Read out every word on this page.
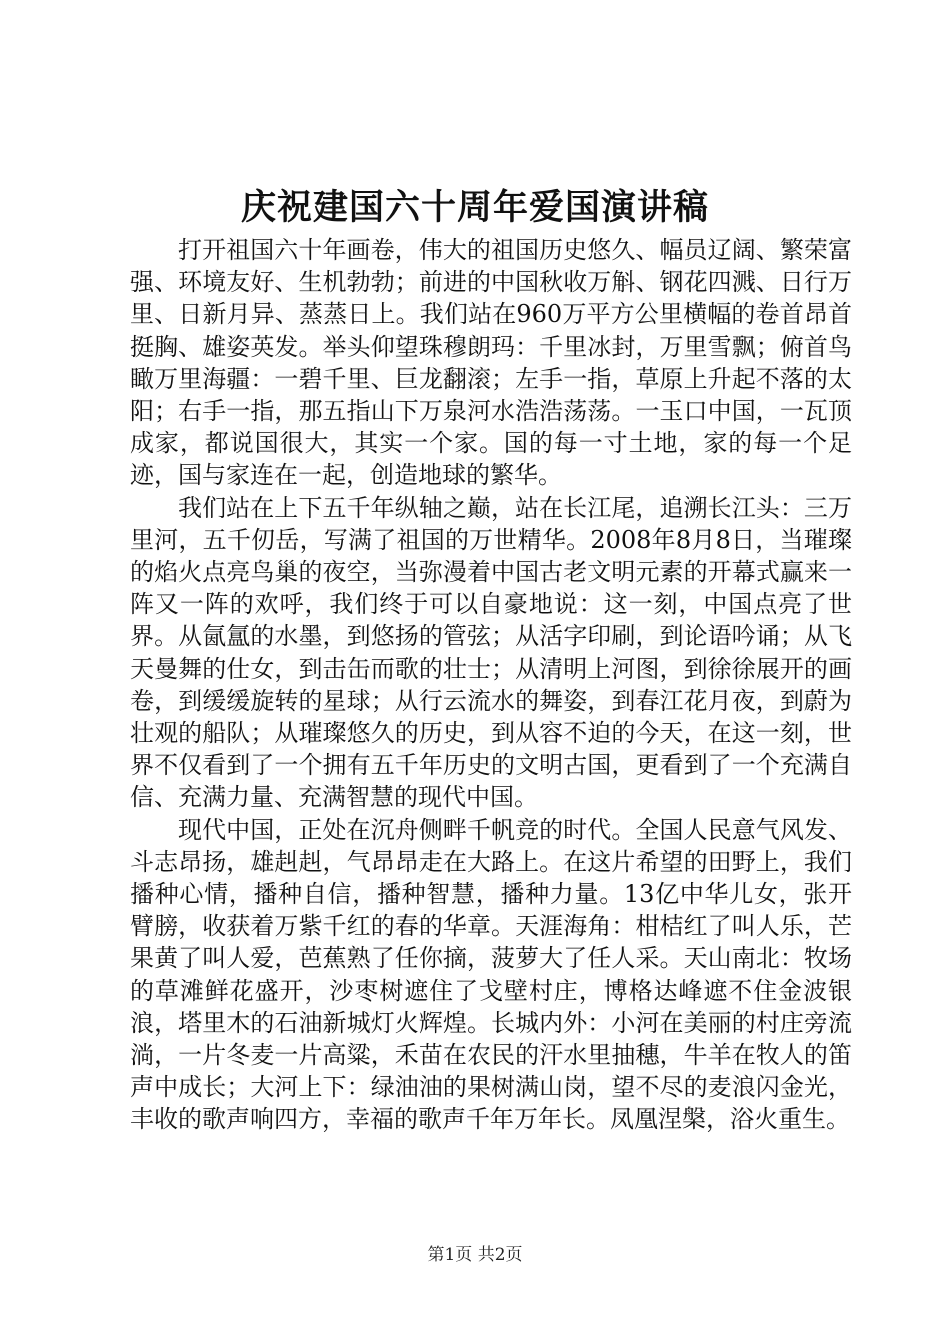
庆祝建国六十周年爱国演讲稿

打开祖国六十年画卷，伟大的祖国历史悠久、幅员辽阔、繁荣富强、环境友好、生机勃勃；前进的中国秋收万斛、钢花四溅、日行万里、日新月异、蒸蒸日上。我们站在960万平方公里横幅的卷首昂首挺胸、雄姿英发。举头仰望珠穆朗玛：千里冰封，万里雪飘；俯首鸟瞰万里海疆：一碧千里、巨龙翻滚；左手一指，草原上升起不落的太阳；右手一指，那五指山下万泉河水浩浩荡荡。一玉口中国，一瓦顶成家，都说国很大，其实一个家。国的每一寸土地，家的每一个足迹，国与家连在一起，创造地球的繁华。

我们站在上下五千年纵轴之巅，站在长江尾，追溯长江头：三万里河，五千仞岳，写满了祖国的万世精华。2008年8月8日，当璀璨的焰火点亮鸟巢的夜空，当弥漫着中国古老文明元素的开幕式赢来一阵又一阵的欢呼，我们终于可以自豪地说：这一刻，中国点亮了世界。从氤氲的水墨，到悠扬的管弦；从活字印刷，到论语吟诵；从飞天曼舞的仕女，到击缶而歌的壮士；从清明上河图，到徐徐展开的画卷，到缓缓旋转的星球；从行云流水的舞姿，到春江花月夜，到蔚为壮观的船队；从璀璨悠久的历史，到从容不迫的今天，在这一刻，世界不仅看到了一个拥有五千年历史的文明古国，更看到了一个充满自信、充满力量、充满智慧的现代中国。

现代中国，正处在沉舟侧畔千帆竞的时代。全国人民意气风发、斗志昂扬，雄赳赳，气昂昂走在大路上。在这片希望的田野上，我们播种心情，播种自信，播种智慧，播种力量。13亿中华儿女，张开臂膀，收获着万紫千红的春的华章。天涯海角：柑桔红了叫人乐，芒果黄了叫人爱，芭蕉熟了任你摘，菠萝大了任人采。天山南北：牧场的草滩鲜花盛开，沙枣树遮住了戈壁村庄，博格达峰遮不住金波银浪，塔里木的石油新城灯火辉煌。长城内外：小河在美丽的村庄旁流淌，一片冬麦一片高粱，禾苗在农民的汗水里抽穗，牛羊在牧人的笛声中成长；大河上下：绿油油的果树满山岗，望不尽的麦浪闪金光，丰收的歌声响四方，幸福的歌声千年万年长。凤凰涅槃，浴火重生。

第1页 共2页
